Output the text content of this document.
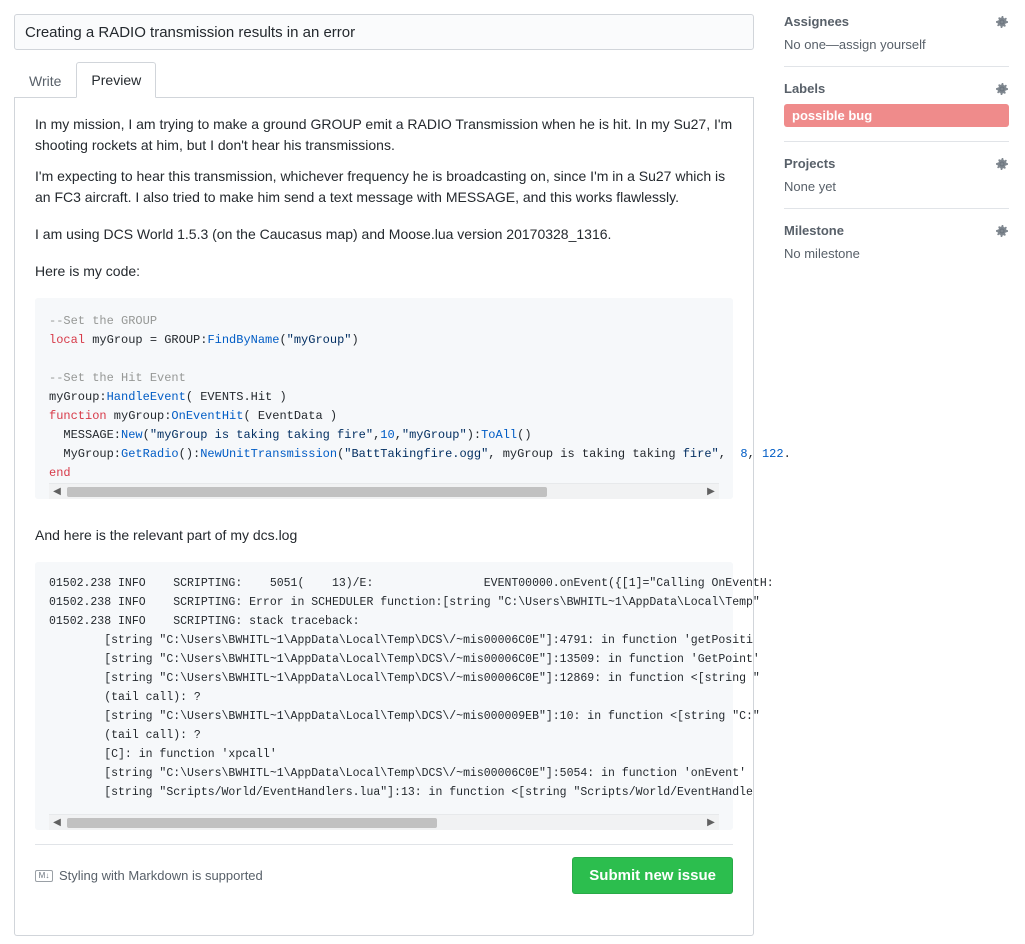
Creating a RADIO transmission results in an error
Write	Preview

In my mission, I am trying to make a ground GROUP emit a RADIO Transmission when he is hit. In my Su27, I'm shooting rockets at him, but I don't hear his transmissions.

I'm expecting to hear this transmission, whichever frequency he is broadcasting on, since I'm in a Su27 which is an FC3 aircraft. I also tried to make him send a text message with MESSAGE, and this works flawlessly.

I am using DCS World 1.5.3 (on the Caucasus map) and Moose.lua version 20170328_1316.

Here is my code:

--Set the GROUP
local myGroup = GROUP:FindByName("myGroup")

--Set the Hit Event
myGroup:HandleEvent( EVENTS.Hit )
function myGroup:OnEventHit( EventData )
MESSAGE:New("myGroup is taking taking fire",10,"myGroup"):ToAll()
MyGroup:GetRadio():NewUnitTransmission("BattTakingfire.ogg", myGroup is taking taking fire",  8, 122.
end
◀	▶

And here is the relevant part of my dcs.log

01502.238 INFO    SCRIPTING:    5051(    13)/E:                EVENT00000.onEvent({[1]="Calling OnEventH:
01502.238 INFO    SCRIPTING: Error in SCHEDULER function:[string "C:\Users\BWHITL~1\AppData\Local\Temp"
01502.238 INFO    SCRIPTING: stack traceback:
[string "C:\Users\BWHITL~1\AppData\Local\Temp\DCS\/~mis00006C0E"]:4791: in function 'getPositi
[string "C:\Users\BWHITL~1\AppData\Local\Temp\DCS\/~mis00006C0E"]:13509: in function 'GetPoint'
[string "C:\Users\BWHITL~1\AppData\Local\Temp\DCS\/~mis00006C0E"]:12869: in function <[string "
(tail call): ?
[string "C:\Users\BWHITL~1\AppData\Local\Temp\DCS\/~mis000009EB"]:10: in function <[string "C:"
(tail call): ?
[C]: in function 'xpcall'
[string "C:\Users\BWHITL~1\AppData\Local\Temp\DCS\/~mis00006C0E"]:5054: in function 'onEvent'
[string "Scripts/World/EventHandlers.lua"]:13: in function <[string "Scripts/World/EventHandle
◀	▶
M↓ Styling with Markdown is supported	Submit new issue
Assignees
No one—assign yourself
Labels
possible bug
Projects
None yet
Milestone
No milestone
